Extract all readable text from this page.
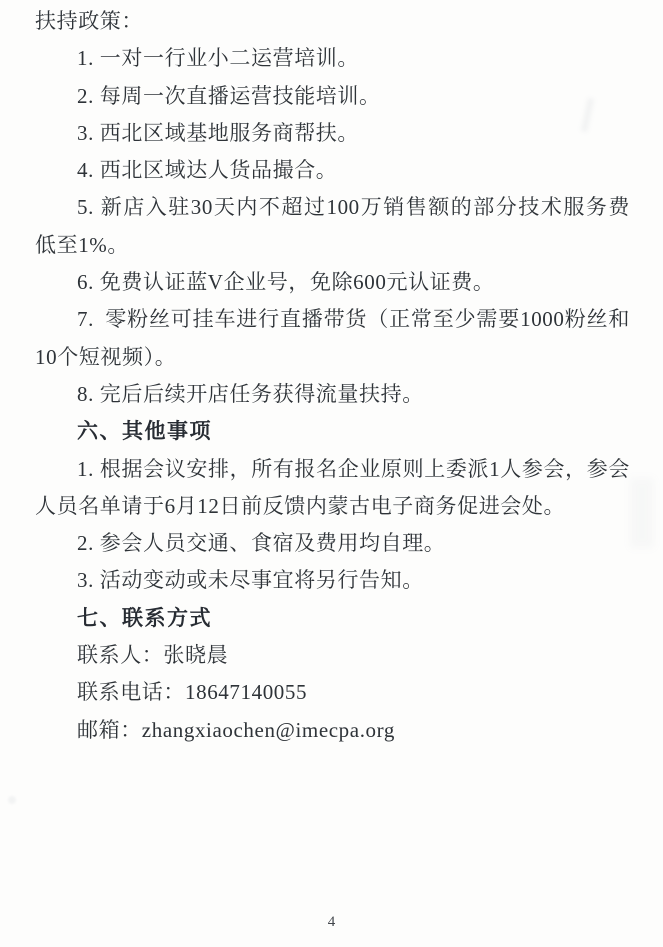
扶持政策：

1. 一对一行业小二运营培训。

2. 每周一次直播运营技能培训。

3. 西北区域基地服务商帮扶。

4. 西北区域达人货品撮合。

5. 新店入驻30天内不超过100万销售额的部分技术服务费低至1%。

6. 免费认证蓝V企业号，免除600元认证费。

7. 零粉丝可挂车进行直播带货（正常至少需要1000粉丝和10个短视频）。

8. 完后后续开店任务获得流量扶持。

六、其他事项

1. 根据会议安排，所有报名企业原则上委派1人参会，参会人员名单请于6月12日前反馈内蒙古电子商务促进会处。

2. 参会人员交通、食宿及费用均自理。

3. 活动变动或未尽事宜将另行告知。

七、联系方式

联系人：张晓晨

联系电话：18647140055

邮箱：zhangxiaochen@imecpa.org

4
